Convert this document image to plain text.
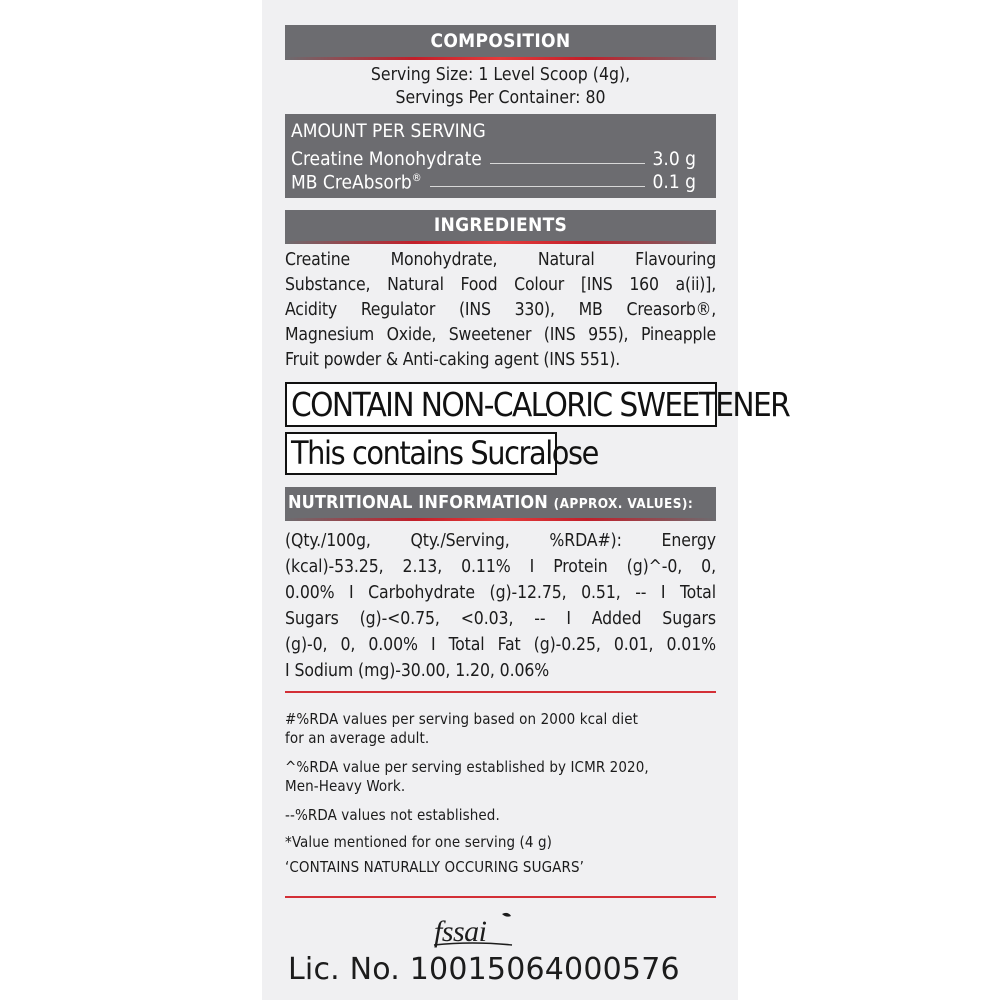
COMPOSITION
Serving Size: 1 Level Scoop (4g),
Servings Per Container: 80
AMOUNT PER SERVING
Creatine Monohydrate	3.0 g
MB CreAbsorb®	0.1 g
INGREDIENTS
Creatine Monohydrate, Natural Flavouring
Substance, Natural Food Colour [INS 160 a(ii)],
Acidity Regulator (INS 330), MB Creasorb®,
Magnesium Oxide, Sweetener (INS 955), Pineapple
Fruit powder & Anti-caking agent (INS 551).
CONTAIN NON-CALORIC SWEETENER
This contains Sucralose
NUTRITIONAL INFORMATION (APPROX. VALUES):
(Qty./100g, Qty./Serving, %RDA#): Energy
(kcal)-53.25, 2.13, 0.11% I Protein (g)^-0, 0,
0.00% I Carbohydrate (g)-12.75, 0.51, -- I Total
Sugars (g)-<0.75, <0.03, -- I Added Sugars
(g)-0, 0, 0.00% I Total Fat (g)-0.25, 0.01, 0.01%
I Sodium (mg)-30.00, 1.20, 0.06%
#%RDA values per serving based on 2000 kcal diet
for an average adult.
^%RDA value per serving established by ICMR 2020,
Men-Heavy Work.
--%RDA values not established.
*Value mentioned for one serving (4 g)
‘CONTAINS NATURALLY OCCURING SUGARS’
fssai
Lic. No. 10015064000576
